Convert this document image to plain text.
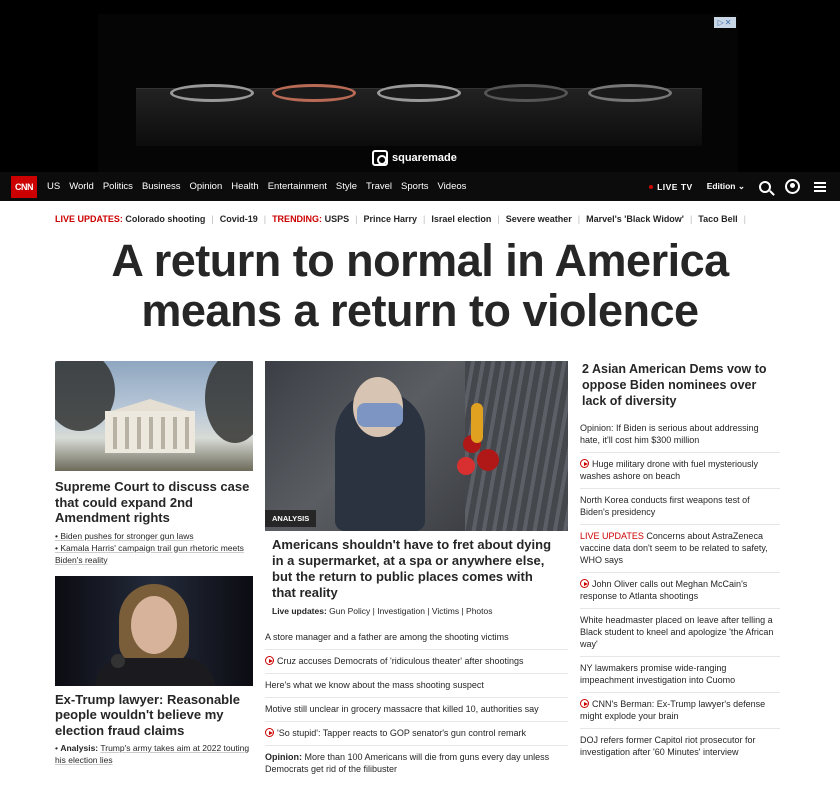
squaremade
▷✕
CNN	US World Politics Business Opinion Health Entertainment Style Travel Sports Videos	LIVE TV Edition ⌄
LIVE UPDATES:
Colorado shooting | Covid-19 | TRENDING:
USPS | Prince Harry | Israel election | Severe weather | Marvel's 'Black Widow' | Taco Bell |
A return to normal in America
means a return to violence
Supreme Court to discuss case that could expand 2nd Amendment rights
• Biden pushes for stronger gun laws
• Kamala Harris' campaign trail gun rhetoric meets Biden's reality
Ex-Trump lawyer: Reasonable people wouldn't believe my election fraud claims
• Analysis: Trump's army takes aim at 2022 touting his election lies
ANALYSIS
Americans shouldn't have to fret about dying in a supermarket, at a spa or anywhere else, but the return to public places comes with that reality
Live updates: Gun Policy | Investigation | Victims | Photos
A store manager and a father are among the shooting victims
Cruz accuses Democrats of 'ridiculous theater' after shootings
Here's what we know about the mass shooting suspect
Motive still unclear in grocery massacre that killed 10, authorities say
'So stupid': Tapper reacts to GOP senator's gun control remark
Opinion: More than 100 Americans will die from guns every day unless Democrats get rid of the filibuster
2 Asian American Dems vow to oppose Biden nominees over lack of diversity
Opinion: If Biden is serious about addressing hate, it'll cost him $300 million
Huge military drone with fuel mysteriously washes ashore on beach
North Korea conducts first weapons test of Biden's presidency
LIVE UPDATES Concerns about AstraZeneca vaccine data don't seem to be related to safety, WHO says
John Oliver calls out Meghan McCain's response to Atlanta shootings
White headmaster placed on leave after telling a Black student to kneel and apologize 'the African way'
NY lawmakers promise wide-ranging impeachment investigation into Cuomo
CNN's Berman: Ex-Trump lawyer's defense might explode your brain
DOJ refers former Capitol riot prosecutor for investigation after '60 Minutes' interview
